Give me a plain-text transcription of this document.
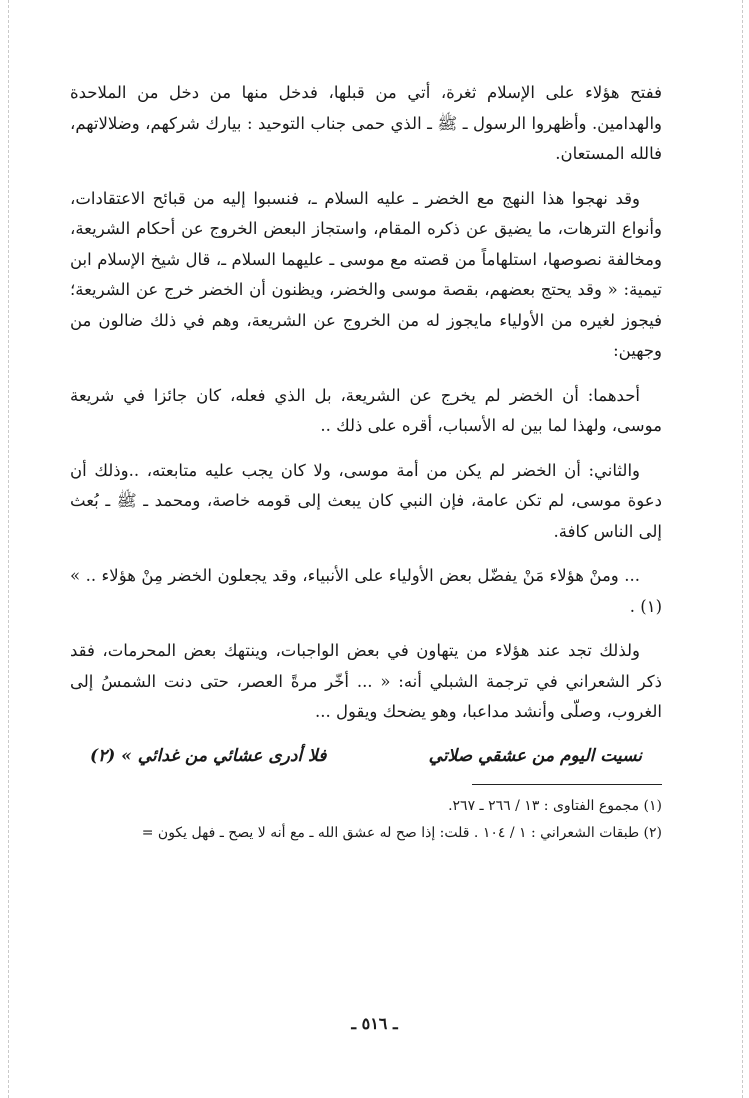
ففتح هؤلاء على الإسلام ثغرة، أتي من قبلها، فدخل منها من دخل من الملاحدة والهدامين. وأظهروا الرسول ـ ﷺ ـ الذي حمى جناب التوحيد : بيارك شركهم، وضلالاتهم، فالله المستعان.

وقد نهجوا هذا النهج مع الخضر ـ عليه السلام ـ، فنسبوا إليه من قبائح الاعتقادات، وأنواع الترهات، ما يضيق عن ذكره المقام، واستجاز البعض الخروج عن أحكام الشريعة، ومخالفة نصوصها، استلهاماً من قصته مع موسى ـ عليهما السلام ـ، قال شيخ الإسلام ابن تيمية: « وقد يحتج بعضهم، بقصة موسى والخضر، ويظنون أن الخضر خرج عن الشريعة؛ فيجوز لغيره من الأولياء مايجوز له من الخروج عن الشريعة، وهم في ذلك ضالون من وجهين:

أحدهما: أن الخضر لم يخرج عن الشريعة، بل الذي فعله، كان جائزا في شريعة موسى، ولهذا لما بين له الأسباب، أقره على ذلك ..

والثاني: أن الخضر لم يكن من أمة موسى، ولا كان يجب عليه متابعته، ..وذلك أن دعوة موسى، لم تكن عامة، فإن النبي كان يبعث إلى قومه خاصة، ومحمد ـ ﷺ ـ بُعث إلى الناس كافة.

... ومنْ هؤلاء مَنْ يفضّل بعض الأولياء على الأنبياء، وقد يجعلون الخضر مِنْ هؤلاء .. » (١) .

ولذلك تجد عند هؤلاء من يتهاون في بعض الواجبات، وينتهك بعض المحرمات، فقد ذكر الشعراني في ترجمة الشبلي أنه: « ... أخّر مرةً العصر، حتى دنت الشمسُ إلى الغروب، وصلّى وأنشد مداعبا، وهو يضحك ويقول ...

نسيت اليوم من عشقي صلاتي
فلا أدرى عشائي من غدائي » (٢)
(١) مجموع الفتاوى : ١٣ / ٢٦٦ ـ ٢٦٧.
(٢) طبقات الشعراني : ١ / ١٠٤ . قلت: إذا صح له عشق الله ـ مع أنه لا يصح ـ فهل يكون =
ـ ٥١٦ ـ
